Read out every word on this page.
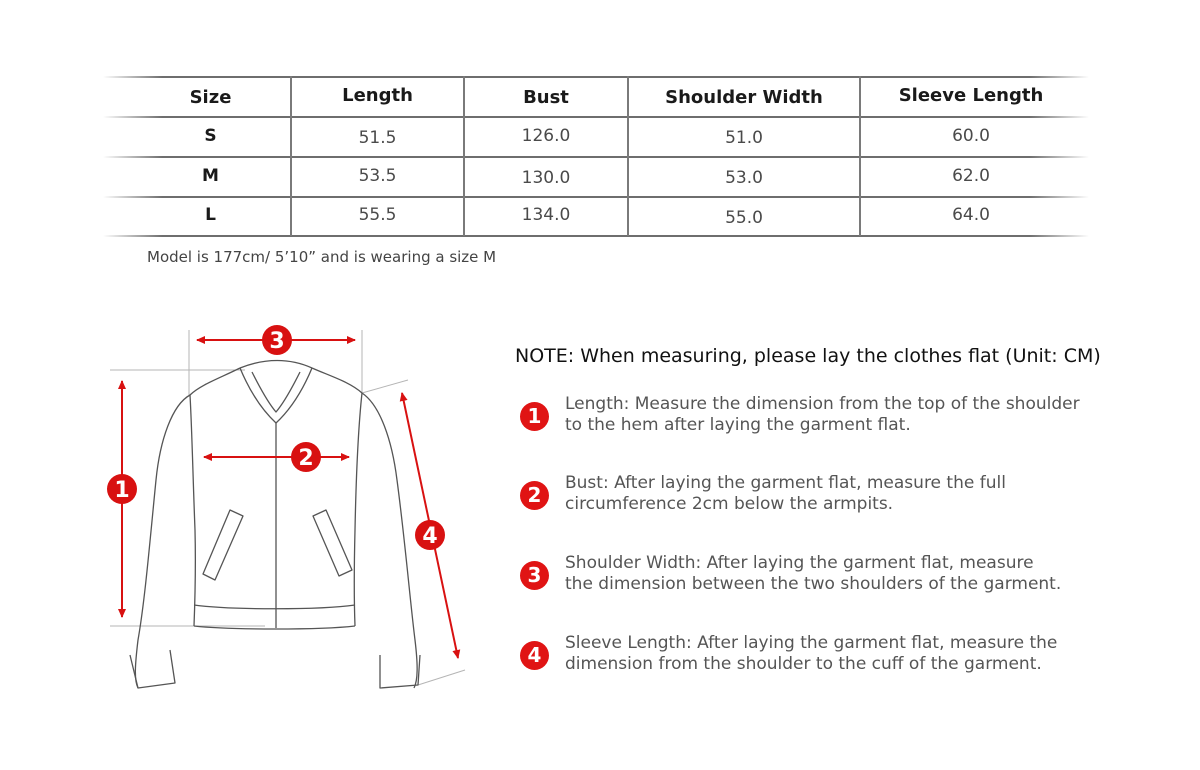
Size	Length	Bust	Shoulder Width	Sleeve Length
S	51.5	126.0	51.0	60.0
M	53.5	130.0	53.0	62.0
L	55.5	134.0	55.0	64.0
Model is 177cm/ 5’10” and is wearing a size M
1
2
3
4
NOTE: When measuring, please lay the clothes flat (Unit: CM)
1	Length: Measure the dimension from the top of the shoulder
to the hem after laying the garment flat.
2	Bust: After laying the garment flat, measure the full
circumference 2cm below the armpits.
3	Shoulder Width: After laying the garment flat, measure
the dimension between the two shoulders of the garment.
4	Sleeve Length: After laying the garment flat, measure the
dimension from the shoulder to the cuff of the garment.
